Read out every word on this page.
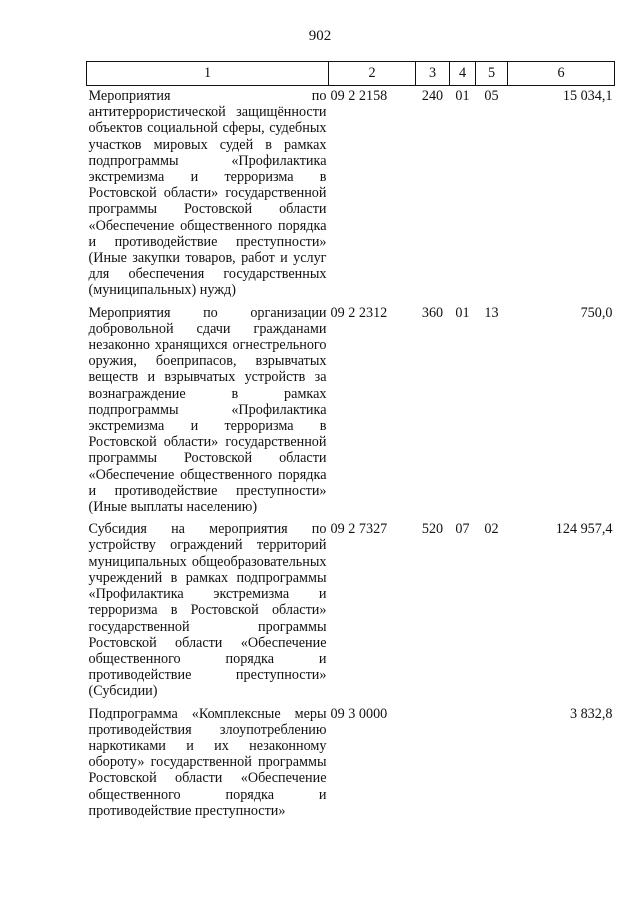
902
1	2	3	4	5	6
Мероприятия по антитеррористической защищённости объектов социальной сферы, судебных участков мировых судей в рамках подпрограммы «Профилактика экстремизма и терроризма в Ростовской области» государственной программы Ростовской области «Обеспечение общественного порядка и противодействие преступности» (Иные закупки товаров, работ и услуг для обеспечения государственных (муниципальных) нужд)	09 2 2158	240	01	05	15 034,1
Мероприятия по организации добровольной сдачи гражданами незаконно хранящихся огнестрельного оружия, боеприпасов, взрывчатых веществ и взрывчатых устройств за вознаграждение в рамках подпрограммы «Профилактика экстремизма и терроризма в Ростовской области» государственной программы Ростовской области «Обеспечение общественного порядка и противодействие преступности» (Иные выплаты населению)	09 2 2312	360	01	13	750,0
Субсидия на мероприятия по устройству ограждений территорий муниципальных общеобразовательных учреждений в рамках подпрограммы «Профилактика экстремизма и терроризма в Ростовской области» государственной программы Ростовской области «Обеспечение общественного порядка и противодействие преступности» (Субсидии)	09 2 7327	520	07	02	124 957,4
Подпрограмма «Комплексные меры противодействия злоупотреблению наркотиками и их незаконному обороту» государственной программы Ростовской области «Обеспечение общественного порядка и противодействие преступности»	09 3 0000				3 832,8
